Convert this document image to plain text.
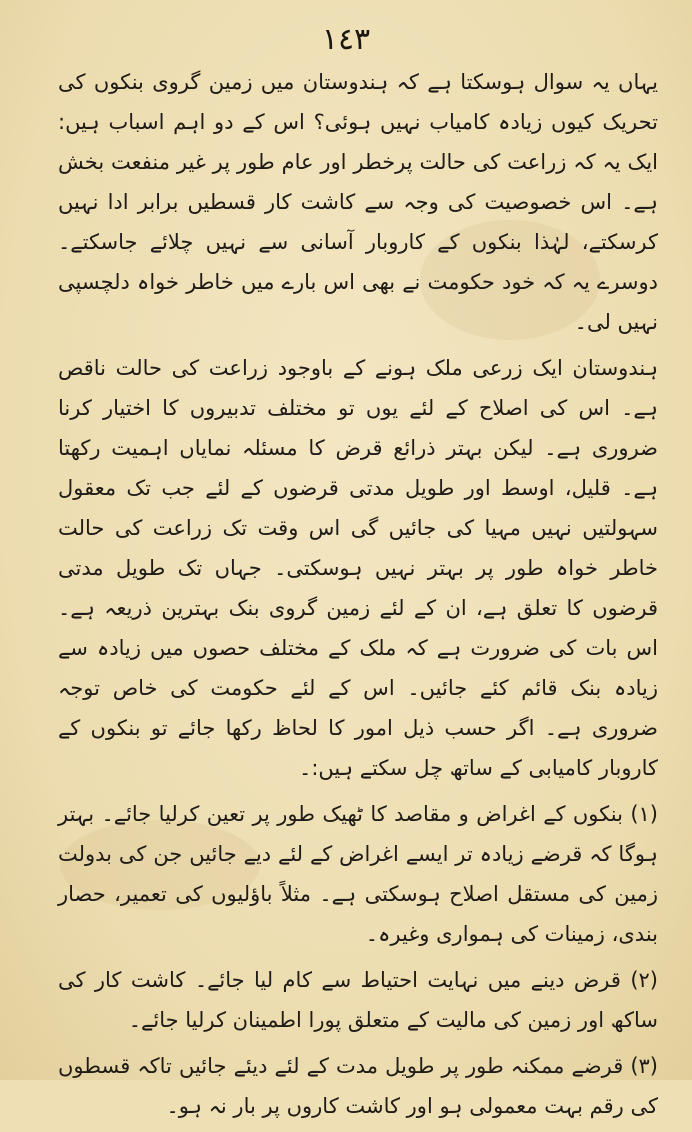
١٤٣

یہاں یہ سوال ہوسکتا ہے کہ ہندوستان میں زمین گروی بنکوں کی تحریک کیوں زیادہ کامیاب نہیں ہوئی؟ اس کے دو اہم اسباب ہیں: ایک یہ کہ زراعت کی حالت پرخطر اور عام طور پر غیر منفعت بخش ہے۔ اس خصوصیت کی وجہ سے کاشت کار قسطیں برابر ادا نہیں کرسکتے، لہٰذا بنکوں کے کاروبار آسانی سے نہیں چلائے جاسکتے۔ دوسرے یہ کہ خود حکومت نے بھی اس بارے میں خاطر خواہ دلچسپی نہیں لی۔

ہندوستان ایک زرعی ملک ہونے کے باوجود زراعت کی حالت ناقص ہے۔ اس کی اصلاح کے لئے یوں تو مختلف تدبیروں کا اختیار کرنا ضروری ہے۔ لیکن بہتر ذرائع قرض کا مسئلہ نمایاں اہمیت رکھتا ہے۔ قلیل، اوسط اور طویل مدتی قرضوں کے لئے جب تک معقول سہولتیں نہیں مہیا کی جائیں گی اس وقت تک زراعت کی حالت خاطر خواہ طور پر بہتر نہیں ہوسکتی۔ جہاں تک طویل مدتی قرضوں کا تعلق ہے، ان کے لئے زمین گروی بنک بہترین ذریعہ ہے۔ اس بات کی ضرورت ہے کہ ملک کے مختلف حصوں میں زیادہ سے زیادہ بنک قائم کئے جائیں۔ اس کے لئے حکومت کی خاص توجہ ضروری ہے۔ اگر حسب ذیل امور کا لحاظ رکھا جائے تو بنکوں کے کاروبار کامیابی کے ساتھ چل سکتے ہیں:۔

(۱) بنکوں کے اغراض و مقاصد کا ٹھیک طور پر تعین کرلیا جائے۔ بہتر ہوگا کہ قرضے زیادہ تر ایسے اغراض کے لئے دیے جائیں جن کی بدولت زمین کی مستقل اصلاح ہوسکتی ہے۔ مثلاً باؤلیوں کی تعمیر، حصار بندی، زمینات کی ہمواری وغیرہ۔

(۲) قرض دینے میں نہایت احتیاط سے کام لیا جائے۔ کاشت کار کی ساکھ اور زمین کی مالیت کے متعلق پورا اطمینان کرلیا جائے۔

(۳) قرضے ممکنہ طور پر طویل مدت کے لئے دیئے جائیں تاکہ قسطوں کی رقم بہت معمولی ہو اور کاشت کاروں پر بار نہ ہو۔
